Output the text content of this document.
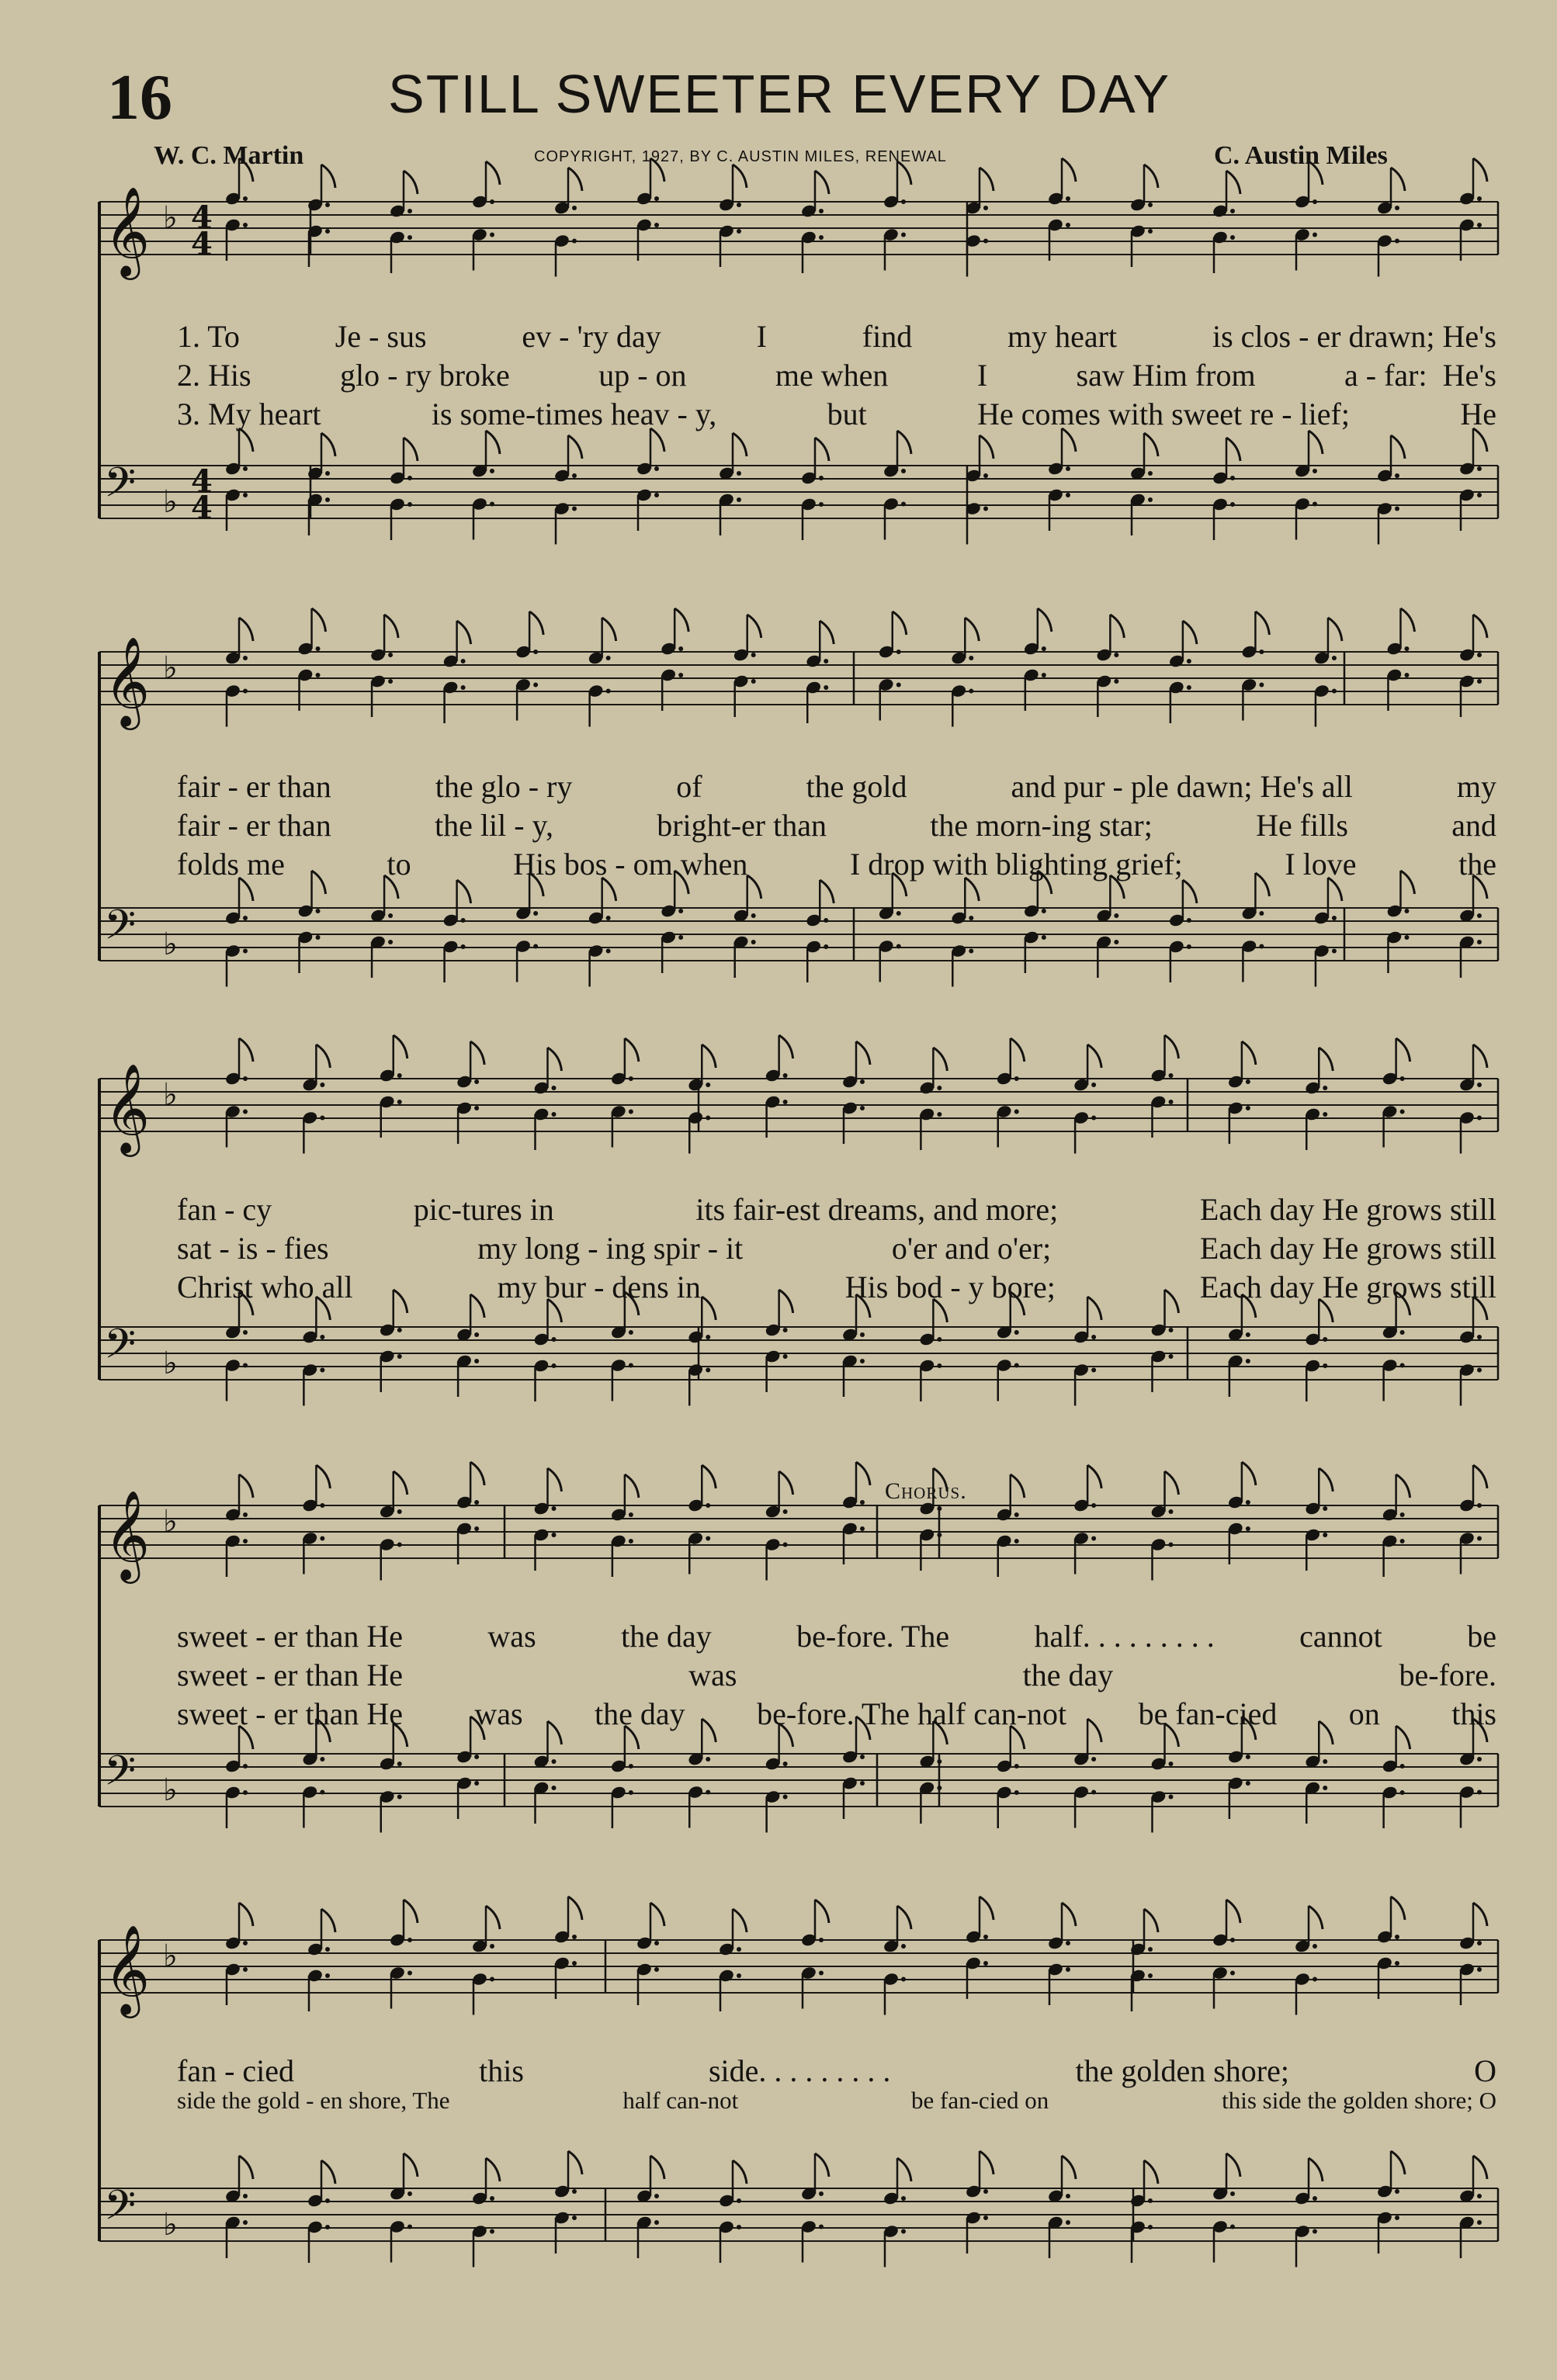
16	STILL SWEETER EVERY DAY
W. C. Martin	COPYRIGHT, 1927, BY C. AUSTIN MILES, RENEWAL	C. Austin Miles
Chorus.
𝄞 ♭ 4
4
𝄢 ♭
4
4
1. To	Je - sus	ev - 'ry day	I	find	my heart	is clos - er drawn; He's
2. His	glo - ry broke	up - on	me when	I	saw Him from	a - far:  He's
3. My heart	is some-times heav - y,	but	He comes with sweet re - lief;	He
𝄞 ♭
𝄢 ♭
fair - er than	the glo - ry	of	the gold	and pur - ple dawn; He's all	my
fair - er than	the lil - y,	bright-er than	the morn-ing star;	He fills	and
folds me	to	His bos - om when	I drop with blighting grief;	I love	the
𝄞 ♭
𝄢 ♭
fan - cy	pic-tures in	its fair-est dreams, and more;	Each day He grows still
sat - is - fies	my long - ing spir - it	o'er and o'er;	Each day He grows still
Christ who all	my bur - dens in	His bod - y bore;	Each day He grows still
𝄞 ♭
𝄢 ♭
sweet - er than He	was	the day	be-fore. The	half. . . . . . . . .	cannot	be
sweet - er than He	was	the day	be-fore.
sweet - er than He was the day be-fore. The half can-not be fan-cied on this
𝄞 ♭
𝄢 ♭
fan - cied	this	side. . . . . . . . .	the golden shore;	O
side the gold - en shore, The	half can-not	be fan-cied on	this side the golden shore; O
